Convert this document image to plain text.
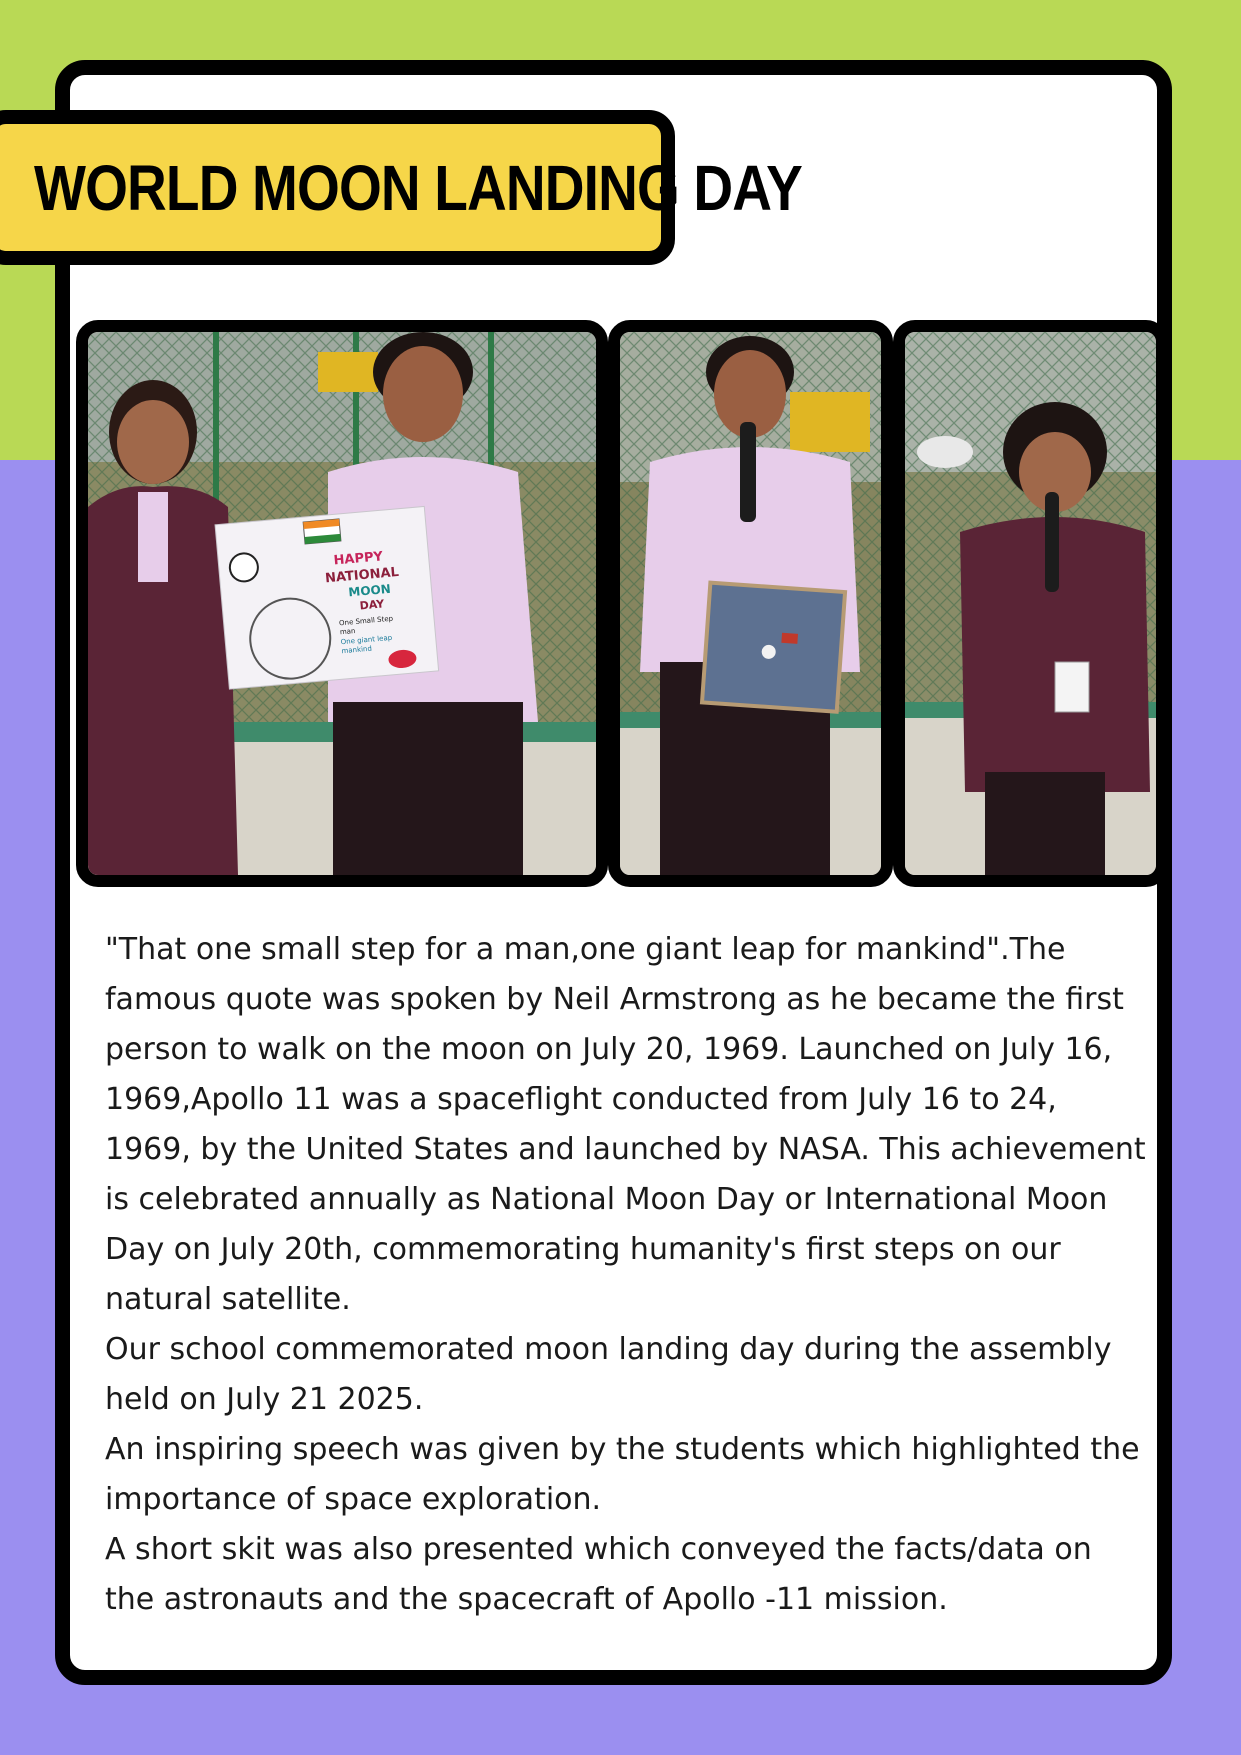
WORLD MOON LANDING DAY
HAPPY
NATIONAL
MOON
DAY
One Small Step
man
One giant leap
mankind

"That one small step for a man,one giant leap for mankind".The famous quote was spoken by Neil Armstrong as he became the first person to walk on the moon on July 20, 1969. Launched on July 16, 1969,Apollo 11 was a spaceflight conducted from July 16 to 24, 1969, by the United States and launched by NASA. This achievement is celebrated annually as National Moon Day or International Moon Day on July 20th, commemorating humanity's first steps on our natural satellite.

Our school commemorated moon landing day during the assembly held on July 21 2025.

An inspiring speech was given by the students which highlighted the importance of space exploration.

A short skit was also presented which conveyed the facts/data on the astronauts and the spacecraft of Apollo -11 mission.
